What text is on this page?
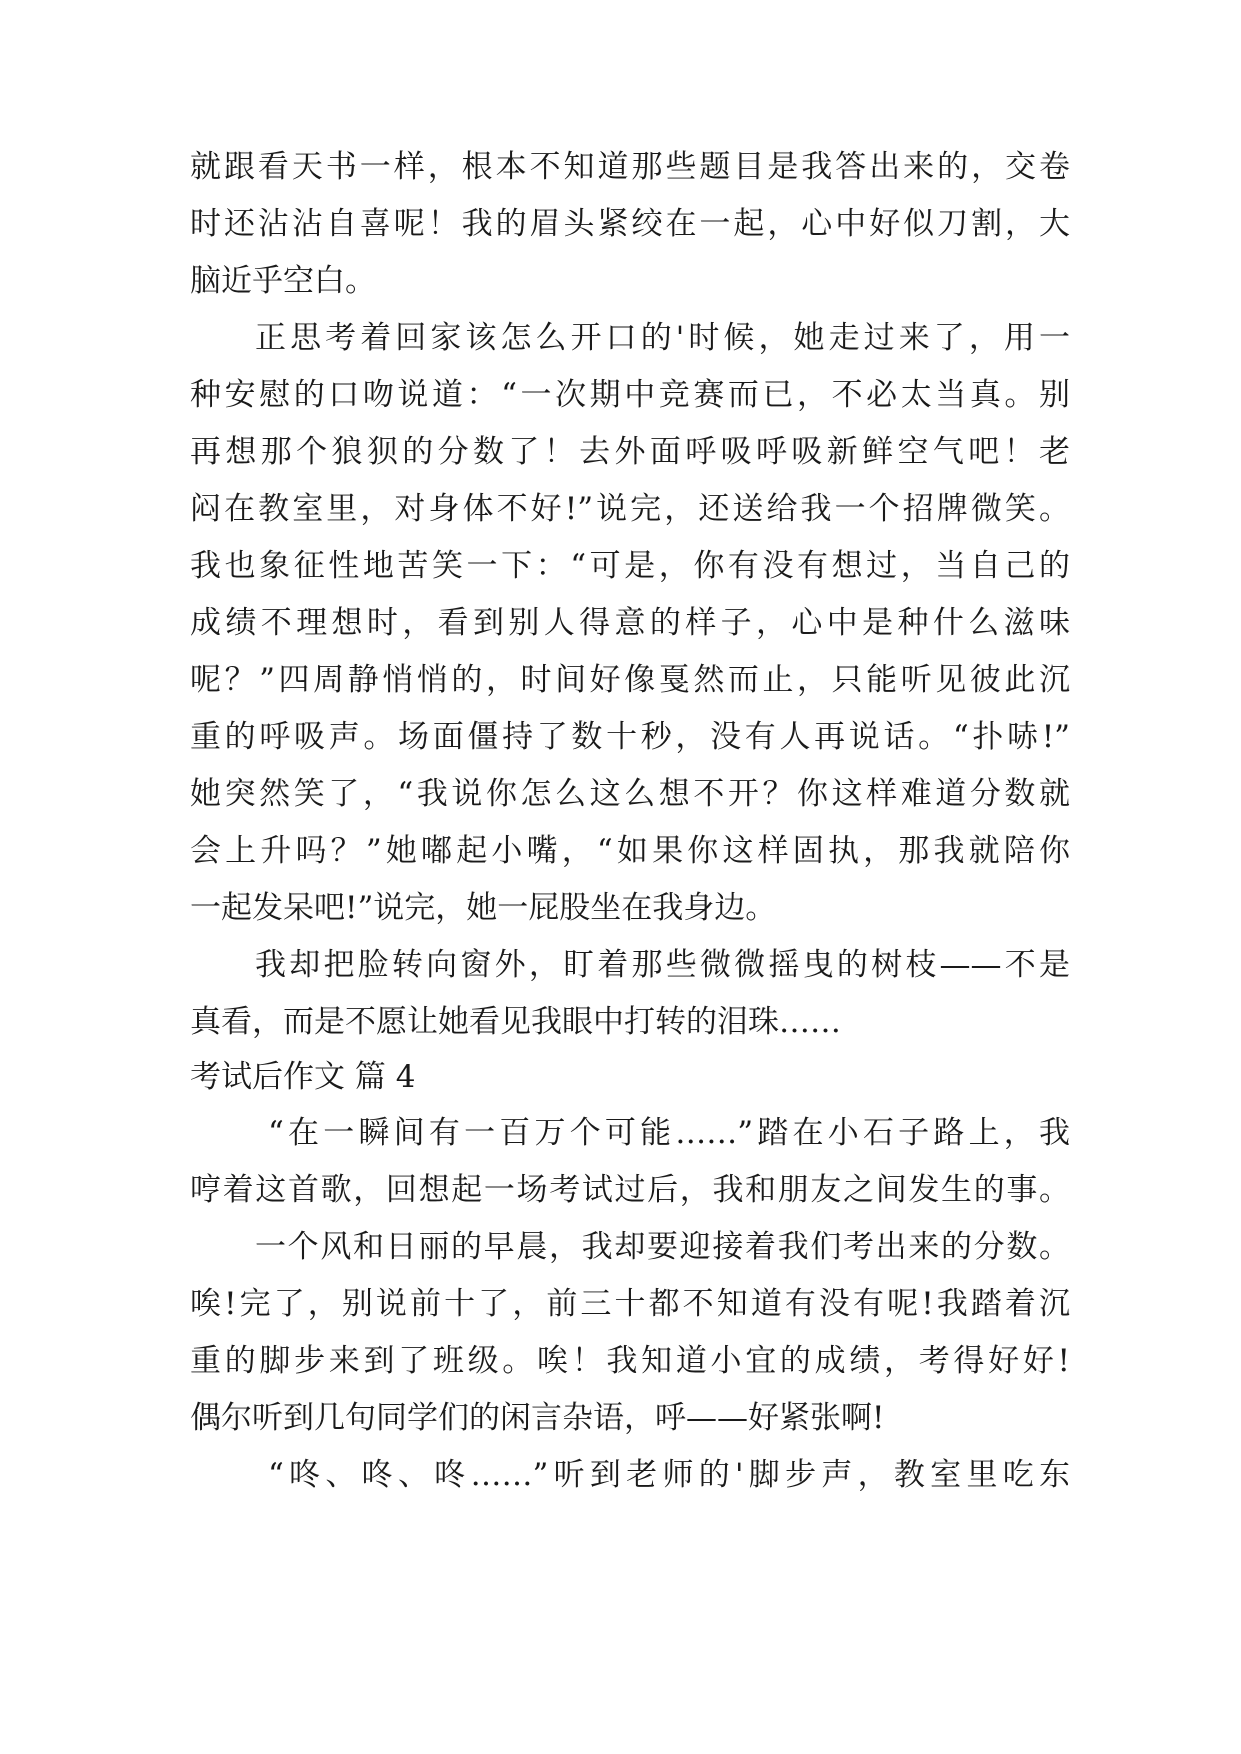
就跟看天书一样，根本不知道那些题目是我答出来的，交卷
时还沾沾自喜呢！我的眉头紧绞在一起，心中好似刀割，大
脑近乎空白。
正思考着回家该怎么开口的'时候，她走过来了，用一
种安慰的口吻说道：“一次期中竞赛而已，不必太当真。别
再想那个狼狈的分数了！去外面呼吸呼吸新鲜空气吧！老
闷在教室里，对身体不好!”说完，还送给我一个招牌微笑。
我也象征性地苦笑一下：“可是，你有没有想过，当自己的
成绩不理想时，看到别人得意的样子，心中是种什么滋味
呢？”四周静悄悄的，时间好像戛然而止，只能听见彼此沉
重的呼吸声。场面僵持了数十秒，没有人再说话。“扑哧!”
她突然笑了，“我说你怎么这么想不开？你这样难道分数就
会上升吗？”她嘟起小嘴，“如果你这样固执，那我就陪你
一起发呆吧!”说完，她一屁股坐在我身边。
我却把脸转向窗外，盯着那些微微摇曳的树枝——不是
真看，而是不愿让她看见我眼中打转的泪珠……
考试后作文 篇 4
“在一瞬间有一百万个可能……”踏在小石子路上，我
哼着这首歌，回想起一场考试过后，我和朋友之间发生的事。
一个风和日丽的早晨，我却要迎接着我们考出来的分数。
唉!完了，别说前十了，前三十都不知道有没有呢!我踏着沉
重的脚步来到了班级。唉！我知道小宜的成绩，考得好好!
偶尔听到几句同学们的闲言杂语，呼——好紧张啊!
“咚、咚、咚……”听到老师的'脚步声，教室里吃东
